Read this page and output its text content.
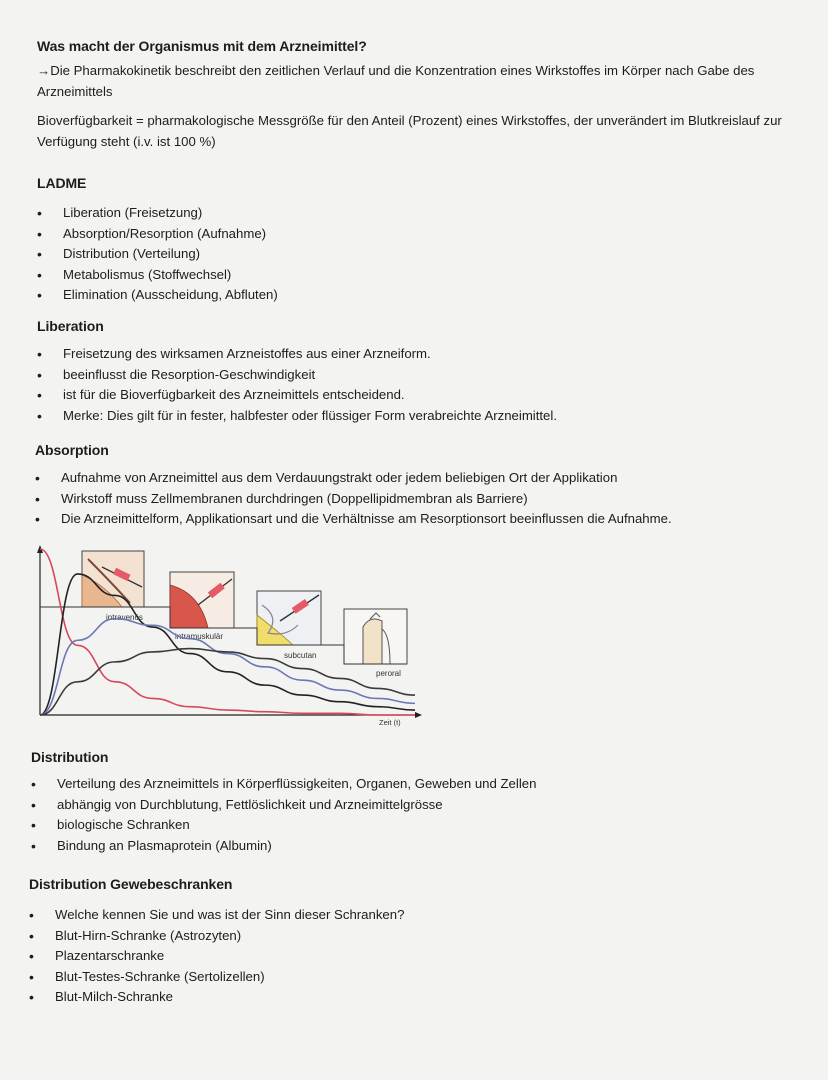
Was macht der Organismus mit dem Arzneimittel?
→Die Pharmakokinetik beschreibt den zeitlichen Verlauf und die Konzentration eines Wirkstoffes im Körper nach Gabe des Arzneimittels
Bioverfügbarkeit = pharmakologische Messgröße für den Anteil (Prozent) eines Wirkstoffes, der unverändert im Blutkreislauf zur Verfügung steht (i.v. ist 100 %)
LADME
• Liberation (Freisetzung)
• Absorption/Resorption (Aufnahme)
• Distribution (Verteilung)
• Metabolismus (Stoffwechsel)
• Elimination (Ausscheidung, Abfluten)
Liberation
• Freisetzung des wirksamen Arzneistoffes aus einer Arzneiform.
• beeinflusst die Resorption-Geschwindigkeit
• ist für die Bioverfügbarkeit des Arzneimittels entscheidend.
• Merke: Dies gilt für in fester, halbfester oder flüssiger Form verabreichte Arzneimittel.
Absorption
• Aufnahme von Arzneimittel aus dem Verdauungstrakt oder jedem beliebigen Ort der Applikation
• Wirkstoff muss Zellmembranen durchdringen (Doppellipidmembran als Barriere)
• Die Arzneimittelform, Applikationsart und die Verhältnisse am Resorptionsort beeinflussen die Aufnahme.
intravenös
intramuskulär
subcutan
peroral
Zeit (t)
Distribution
• Verteilung des Arzneimittels in Körperflüssigkeiten, Organen, Geweben und Zellen
• abhängig von Durchblutung, Fettlöslichkeit und Arzneimittelgrösse
• biologische Schranken
• Bindung an Plasmaprotein (Albumin)
Distribution Gewebeschranken
• Welche kennen Sie und was ist der Sinn dieser Schranken?
• Blut-Hirn-Schranke (Astrozyten)
• Plazentarschranke
• Blut-Testes-Schranke (Sertolizellen)
• Blut-Milch-Schranke
